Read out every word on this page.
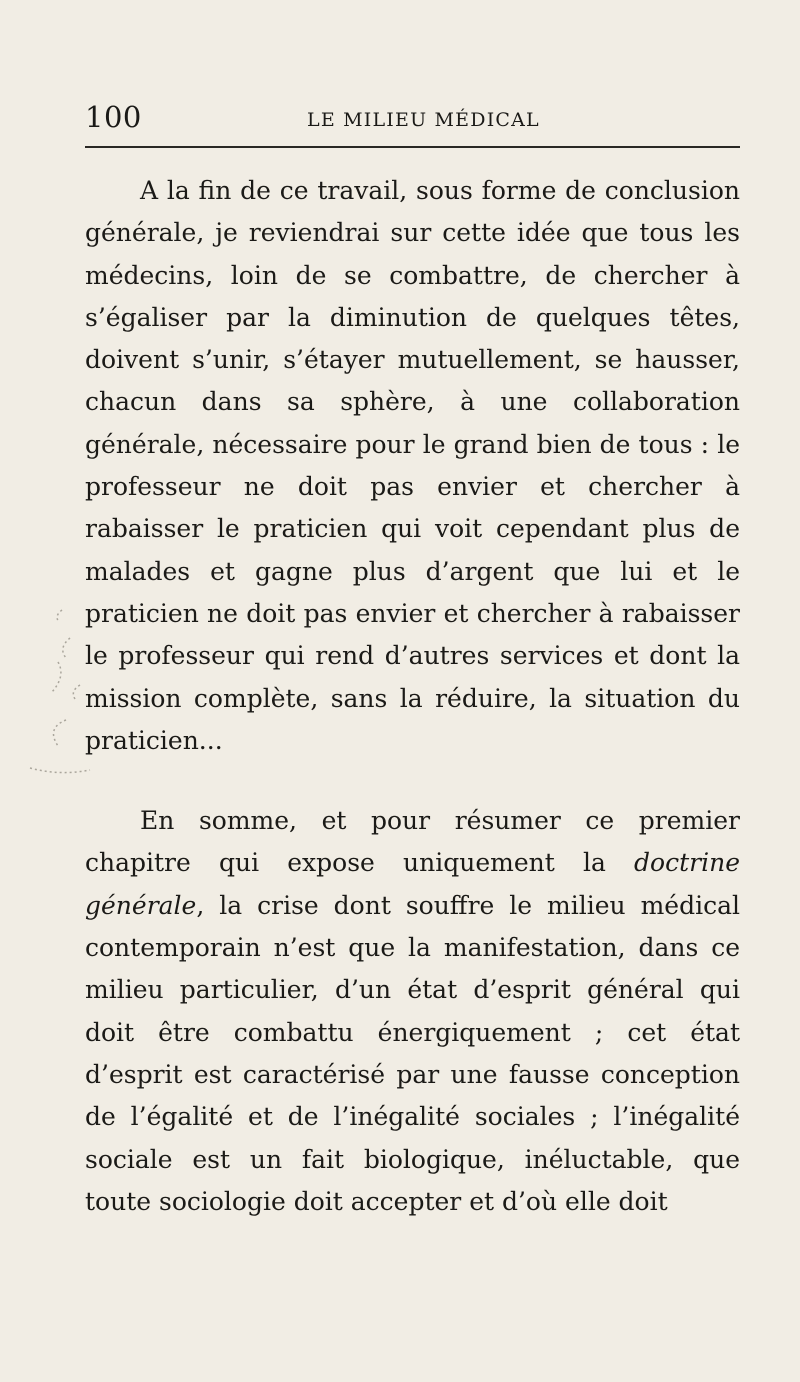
100	LE MILIEU MÉDICAL

A la fin de ce travail, sous forme de conclusion générale, je reviendrai sur cette idée que tous les médecins, loin de se combattre, de chercher à s’égaliser par la diminution de quelques têtes, doivent s’unir, s’étayer mutuellement, se hausser, chacun dans sa sphère, à une collaboration générale, nécessaire pour le grand bien de tous : le professeur ne doit pas envier et chercher à rabaisser le praticien qui voit cependant plus de malades et gagne plus d’argent que lui et le praticien ne doit pas envier et chercher à rabaisser le professeur qui rend d’autres services et dont la mission complète, sans la réduire, la situation du praticien...

En somme, et pour résumer ce premier chapitre qui expose uniquement la doctrine générale, la crise dont souffre le milieu médical contemporain n’est que la manifestation, dans ce milieu particulier, d’un état d’esprit général qui doit être combattu énergiquement ; cet état d’esprit est caractérisé par une fausse conception de l’égalité et de l’inégalité sociales ; l’inégalité sociale est un fait biologique, inéluctable, que toute sociologie doit accepter et d’où elle doit
